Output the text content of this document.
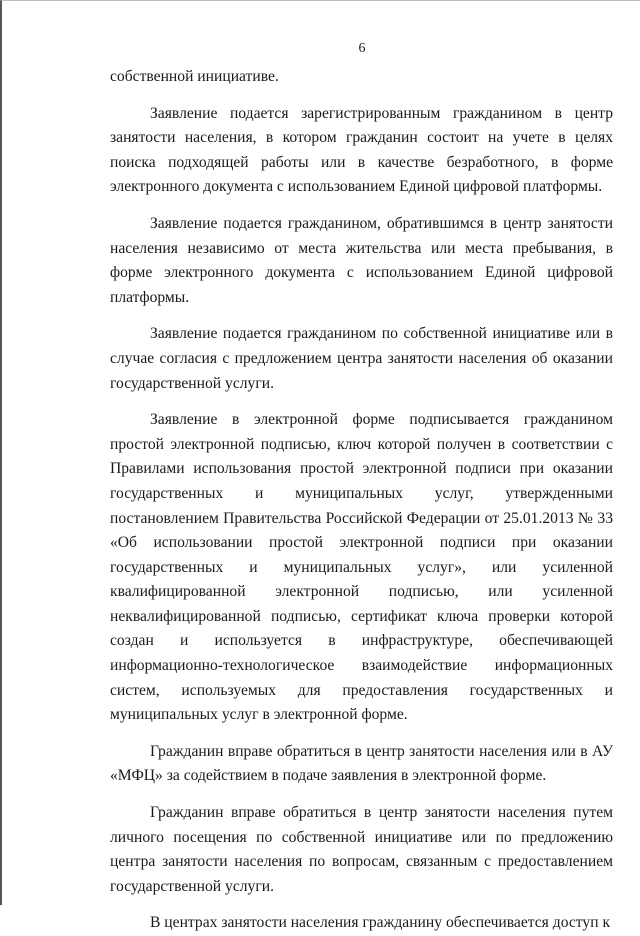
6

собственной инициативе.

Заявление подается зарегистрированным гражданином в центр занятости населения, в котором гражданин состоит на учете в целях поиска подходящей работы или в качестве безработного, в форме электронного документа с использованием Единой цифровой платформы.

Заявление подается гражданином, обратившимся в центр занятости населения независимо от места жительства или места пребывания, в форме электронного документа с использованием Единой цифровой платформы.

Заявление подается гражданином по собственной инициативе или в случае согласия с предложением центра занятости населения об оказании государственной услуги.

Заявление в электронной форме подписывается гражданином простой электронной подписью, ключ которой получен в соответствии с Правилами использования простой электронной подписи при оказании государственных и муниципальных услуг, утвержденными постановлением Правительства Российской Федерации от 25.01.2013 № 33 «Об использовании простой электронной подписи при оказании государственных и муниципальных услуг», или усиленной квалифицированной электронной подписью, или усиленной неквалифицированной подписью, сертификат ключа проверки которой создан и используется в инфраструктуре, обеспечивающей информационно-технологическое взаимодействие информационных систем, используемых для предоставления государственных и муниципальных услуг в электронной форме.

Гражданин вправе обратиться в центр занятости населения или в АУ «МФЦ» за содействием в подаче заявления в электронной форме.

Гражданин вправе обратиться в центр занятости населения путем личного посещения по собственной инициативе или по предложению центра занятости населения по вопросам, связанным с предоставлением государственной услуги.

В центрах занятости населения гражданину обеспечивается доступ к
